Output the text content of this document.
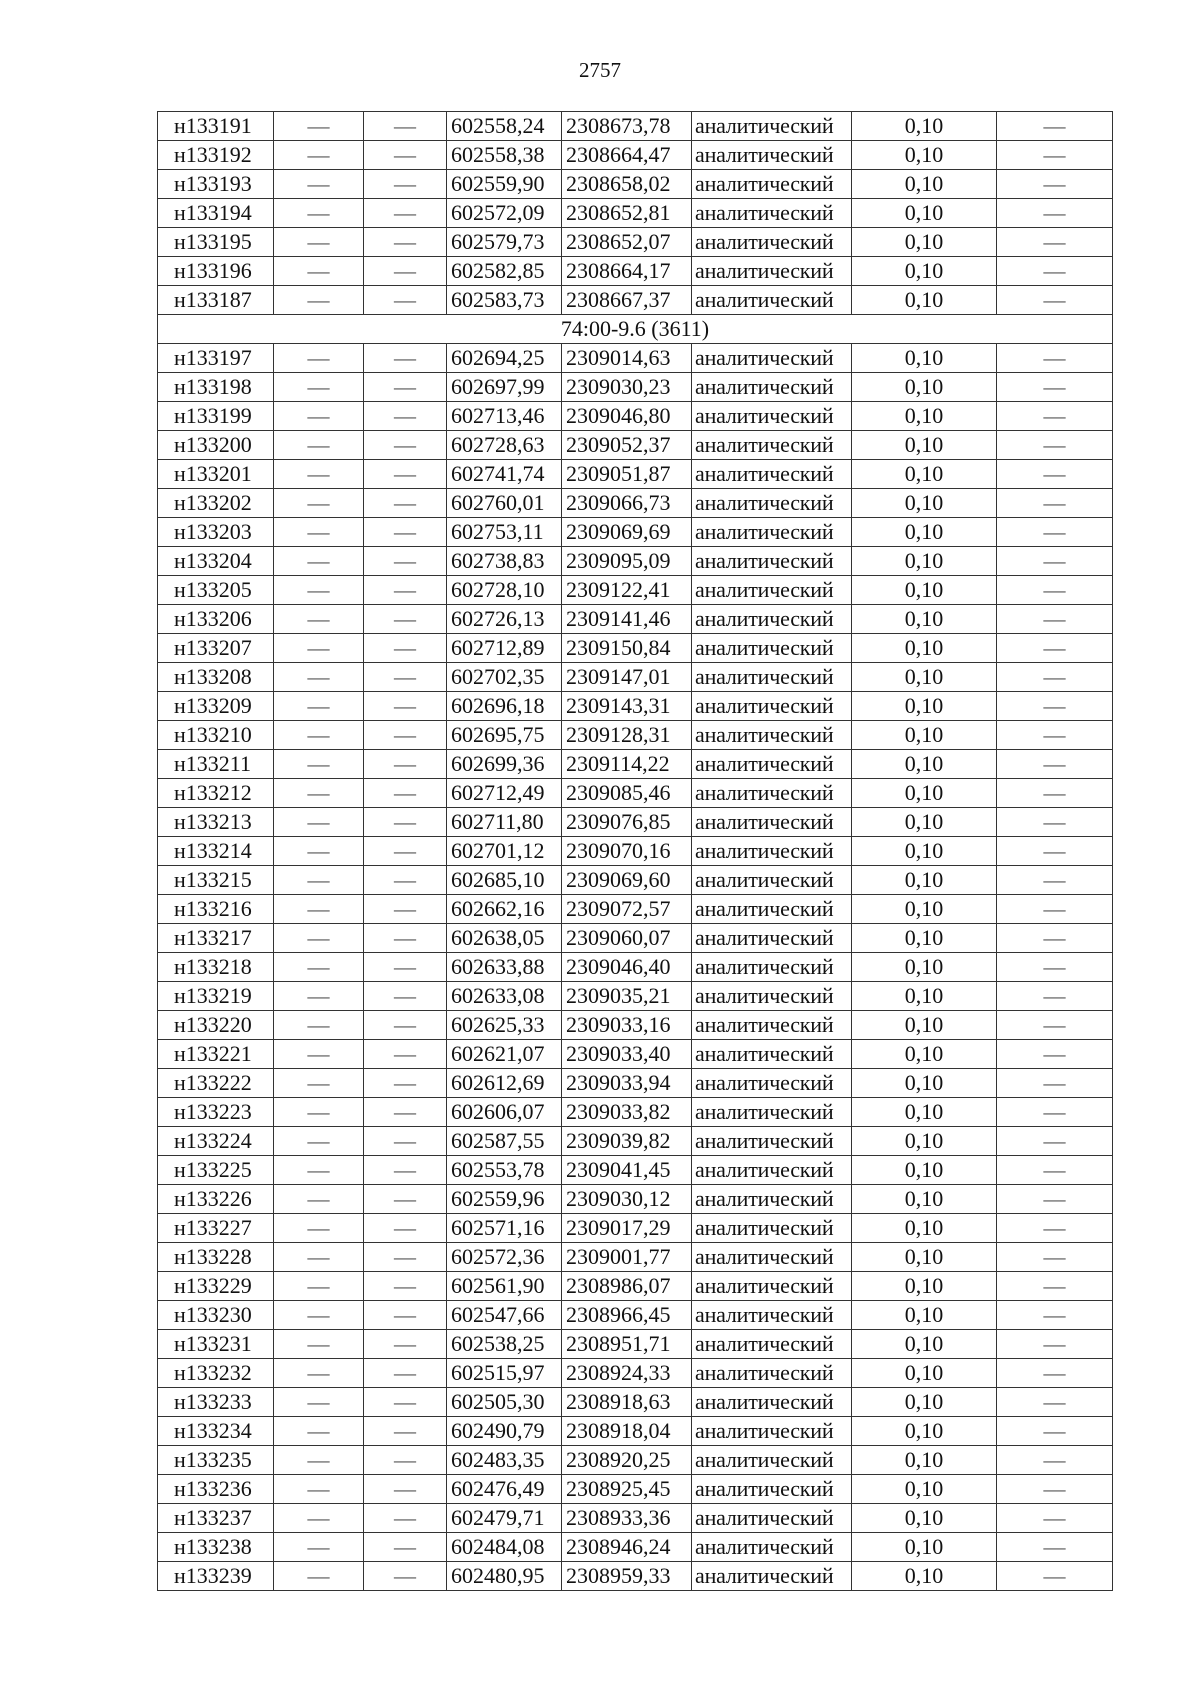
2757
н133191	—	—	602558,24	2308673,78	аналитический	0,10	—
н133192	—	—	602558,38	2308664,47	аналитический	0,10	—
н133193	—	—	602559,90	2308658,02	аналитический	0,10	—
н133194	—	—	602572,09	2308652,81	аналитический	0,10	—
н133195	—	—	602579,73	2308652,07	аналитический	0,10	—
н133196	—	—	602582,85	2308664,17	аналитический	0,10	—
н133187	—	—	602583,73	2308667,37	аналитический	0,10	—
74:00-9.6 (3611)							
н133197	—	—	602694,25	2309014,63	аналитический	0,10	—
н133198	—	—	602697,99	2309030,23	аналитический	0,10	—
н133199	—	—	602713,46	2309046,80	аналитический	0,10	—
н133200	—	—	602728,63	2309052,37	аналитический	0,10	—
н133201	—	—	602741,74	2309051,87	аналитический	0,10	—
н133202	—	—	602760,01	2309066,73	аналитический	0,10	—
н133203	—	—	602753,11	2309069,69	аналитический	0,10	—
н133204	—	—	602738,83	2309095,09	аналитический	0,10	—
н133205	—	—	602728,10	2309122,41	аналитический	0,10	—
н133206	—	—	602726,13	2309141,46	аналитический	0,10	—
н133207	—	—	602712,89	2309150,84	аналитический	0,10	—
н133208	—	—	602702,35	2309147,01	аналитический	0,10	—
н133209	—	—	602696,18	2309143,31	аналитический	0,10	—
н133210	—	—	602695,75	2309128,31	аналитический	0,10	—
н133211	—	—	602699,36	2309114,22	аналитический	0,10	—
н133212	—	—	602712,49	2309085,46	аналитический	0,10	—
н133213	—	—	602711,80	2309076,85	аналитический	0,10	—
н133214	—	—	602701,12	2309070,16	аналитический	0,10	—
н133215	—	—	602685,10	2309069,60	аналитический	0,10	—
н133216	—	—	602662,16	2309072,57	аналитический	0,10	—
н133217	—	—	602638,05	2309060,07	аналитический	0,10	—
н133218	—	—	602633,88	2309046,40	аналитический	0,10	—
н133219	—	—	602633,08	2309035,21	аналитический	0,10	—
н133220	—	—	602625,33	2309033,16	аналитический	0,10	—
н133221	—	—	602621,07	2309033,40	аналитический	0,10	—
н133222	—	—	602612,69	2309033,94	аналитический	0,10	—
н133223	—	—	602606,07	2309033,82	аналитический	0,10	—
н133224	—	—	602587,55	2309039,82	аналитический	0,10	—
н133225	—	—	602553,78	2309041,45	аналитический	0,10	—
н133226	—	—	602559,96	2309030,12	аналитический	0,10	—
н133227	—	—	602571,16	2309017,29	аналитический	0,10	—
н133228	—	—	602572,36	2309001,77	аналитический	0,10	—
н133229	—	—	602561,90	2308986,07	аналитический	0,10	—
н133230	—	—	602547,66	2308966,45	аналитический	0,10	—
н133231	—	—	602538,25	2308951,71	аналитический	0,10	—
н133232	—	—	602515,97	2308924,33	аналитический	0,10	—
н133233	—	—	602505,30	2308918,63	аналитический	0,10	—
н133234	—	—	602490,79	2308918,04	аналитический	0,10	—
н133235	—	—	602483,35	2308920,25	аналитический	0,10	—
н133236	—	—	602476,49	2308925,45	аналитический	0,10	—
н133237	—	—	602479,71	2308933,36	аналитический	0,10	—
н133238	—	—	602484,08	2308946,24	аналитический	0,10	—
н133239	—	—	602480,95	2308959,33	аналитический	0,10	—
